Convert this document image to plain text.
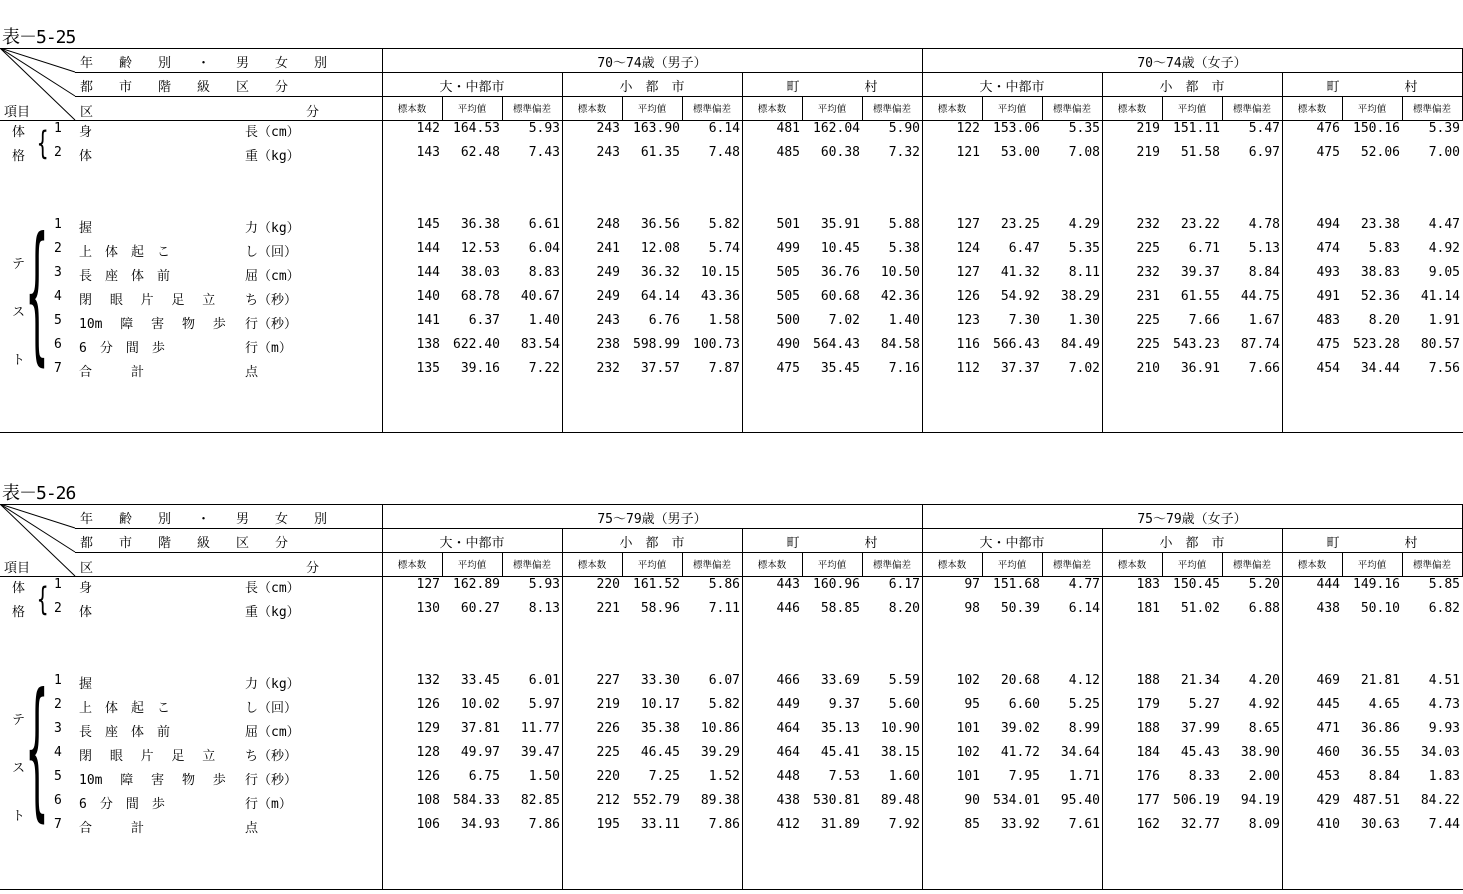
表－5-25
年　　齢　　別　　・　　男　　女　　別
都　　市　　階　　級　　区　　分
項目	区	分
70～74歳（男子）	70～74歳（女子）
大・中都市
標本数	平均値	標準偏差
小　都　市
標本数	平均値	標準偏差
町　　　　　村
標本数	平均値	標準偏差
大・中都市
標本数	平均値	標準偏差
小　都　市
標本数	平均値	標準偏差
町　　　　　村
標本数	平均値	標準偏差
1 身	長（cm）	142	164.53	5.93	243	163.90	6.14	481	162.04	5.90	122	153.06	5.35	219	151.11	5.47	476	150.16	5.39
2 体	重（kg）	143	62.48	7.43	243	61.35	7.48	485	60.38	7.32	121	53.00	7.08	219	51.58	6.97	475	52.06	7.00
1 握	力（kg）	145	36.38	6.61	248	36.56	5.82	501	35.91	5.88	127	23.25	4.29	232	23.22	4.78	494	23.38	4.47
2 上　体　起　こ	し（回）	144	12.53	6.04	241	12.08	5.74	499	10.45	5.38	124	6.47	5.35	225	6.71	5.13	474	5.83	4.92
3 長　座　体　前	屈（cm）	144	38.03	8.83	249	36.32	10.15	505	36.76	10.50	127	41.32	8.11	232	39.37	8.84	493	38.83	9.05
4 閉 眼 片 足 立 ち（秒）	140	68.78	40.67	249	64.14	43.36	505	60.68	42.36	126	54.92	38.29	231	61.55	44.75	491	52.36	41.14
5 10m 障 害 物 歩 行（秒）	141	6.37	1.40	243	6.76	1.58	500	7.02	1.40	123	7.30	1.30	225	7.66	1.67	483	8.20	1.91
6 6　分　間　歩	行（m）	138	622.40	83.54	238	598.99	100.73	490	564.43	84.58	116	566.43	84.49	225	543.23	87.74	475	523.28	80.57
7 合　　　計	点	135	39.16	7.22	232	37.57	7.87	475	35.45	7.16	112	37.37	7.02	210	36.91	7.66	454	34.44	7.56
体
格 {
テ
ス
ト {
表－5-26
年　　齢　　別　　・　　男　　女　　別
都　　市　　階　　級　　区　　分
項目	区	分
75～79歳（男子）	75～79歳（女子）
大・中都市
標本数	平均値	標準偏差
小　都　市
標本数	平均値	標準偏差
町　　　　　村
標本数	平均値	標準偏差
大・中都市
標本数	平均値	標準偏差
小　都　市
標本数	平均値	標準偏差
町　　　　　村
標本数	平均値	標準偏差
1 身	長（cm）	127	162.89	5.93	220	161.52	5.86	443	160.96	6.17	97	151.68	4.77	183	150.45	5.20	444	149.16	5.85
2 体	重（kg）	130	60.27	8.13	221	58.96	7.11	446	58.85	8.20	98	50.39	6.14	181	51.02	6.88	438	50.10	6.82
1 握	力（kg）	132	33.45	6.01	227	33.30	6.07	466	33.69	5.59	102	20.68	4.12	188	21.34	4.20	469	21.81	4.51
2 上　体　起　こ	し（回）	126	10.02	5.97	219	10.17	5.82	449	9.37	5.60	95	6.60	5.25	179	5.27	4.92	445	4.65	4.73
3 長　座　体　前	屈（cm）	129	37.81	11.77	226	35.38	10.86	464	35.13	10.90	101	39.02	8.99	188	37.99	8.65	471	36.86	9.93
4 閉 眼 片 足 立 ち（秒）	128	49.97	39.47	225	46.45	39.29	464	45.41	38.15	102	41.72	34.64	184	45.43	38.90	460	36.55	34.03
5 10m 障 害 物 歩 行（秒）	126	6.75	1.50	220	7.25	1.52	448	7.53	1.60	101	7.95	1.71	176	8.33	2.00	453	8.84	1.83
6 6　分　間　歩	行（m）	108	584.33	82.85	212	552.79	89.38	438	530.81	89.48	90	534.01	95.40	177	506.19	94.19	429	487.51	84.22
7 合　　　計	点	106	34.93	7.86	195	33.11	7.86	412	31.89	7.92	85	33.92	7.61	162	32.77	8.09	410	30.63	7.44
体
格 {
テ
ス
ト {
